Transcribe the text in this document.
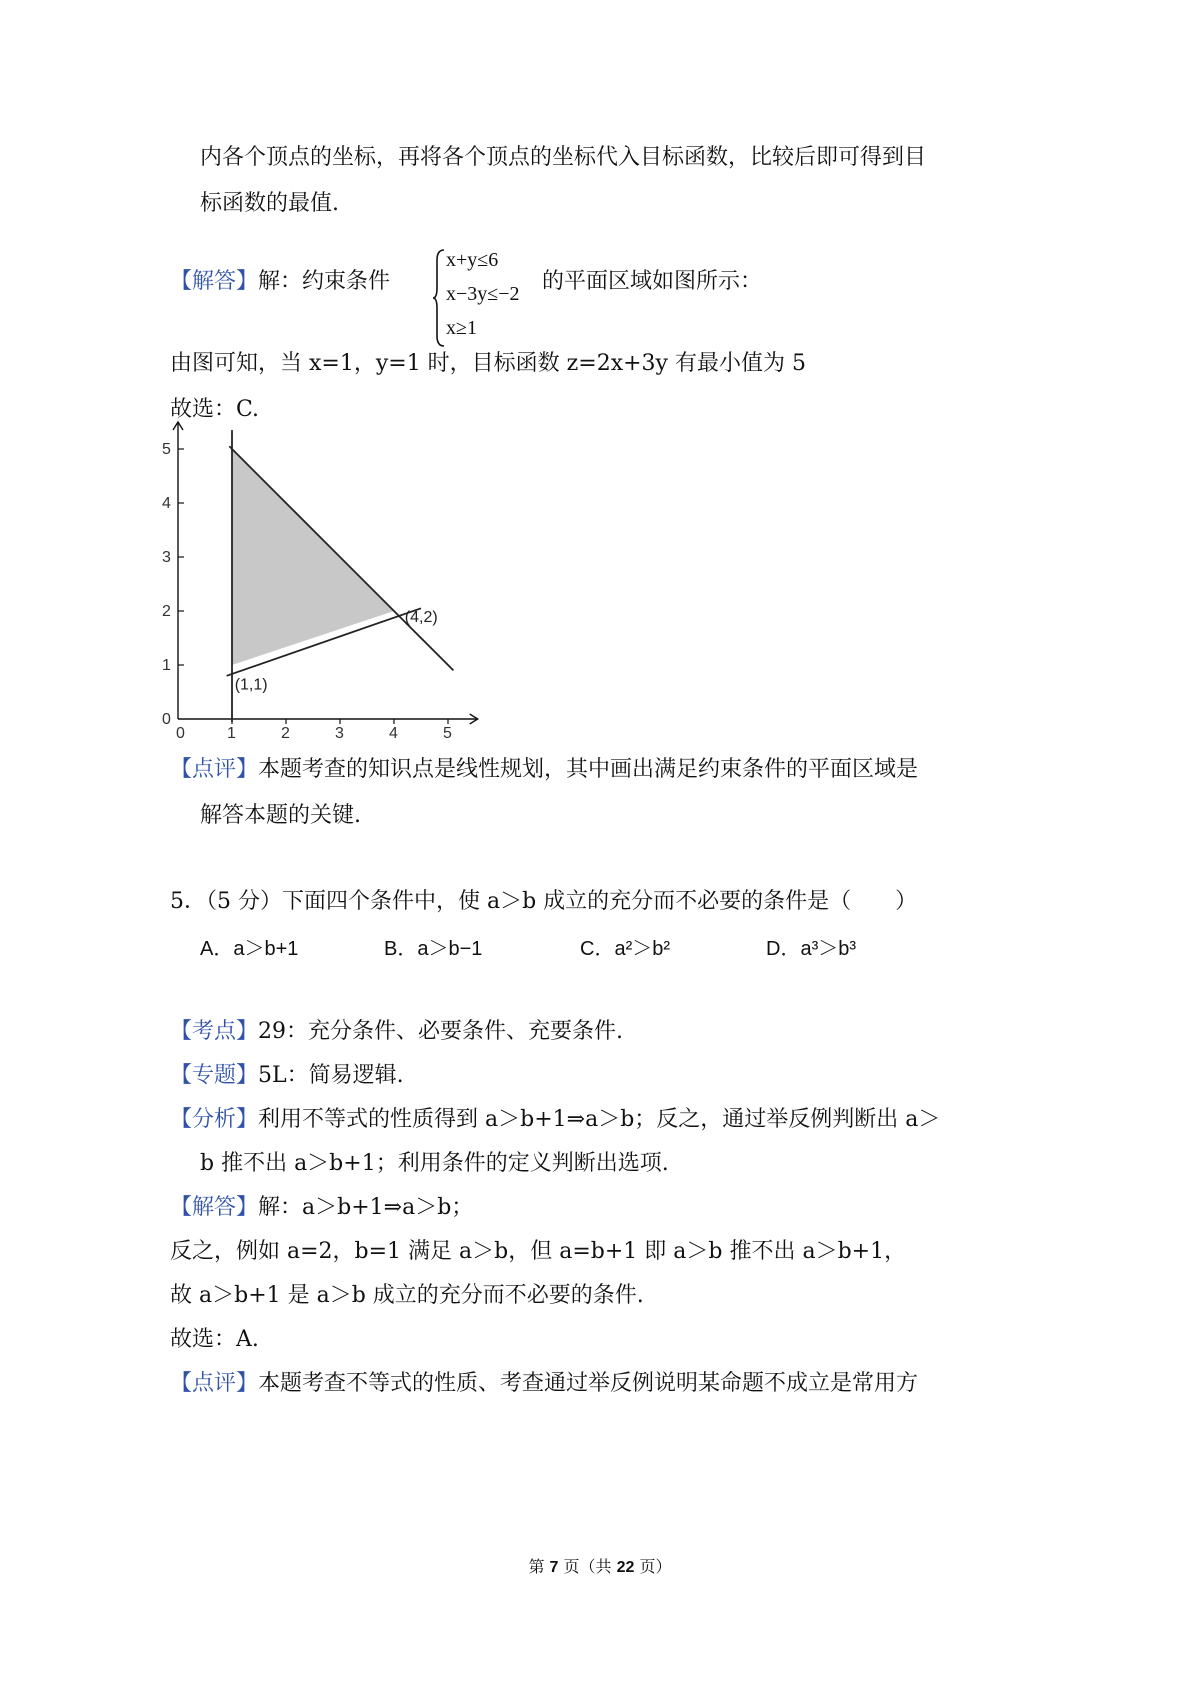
内各个顶点的坐标，再将各个顶点的坐标代入目标函数，比较后即可得到目
标函数的最值.
【解答】解：约束条件
x+y≤6
x−3y≤−2
x≥1
的平面区域如图所示：
由图可知，当 x=1，y=1 时，目标函数 z=2x+3y 有最小值为 5
故选：C.
0	1	2	3	4	5
0
1
2
3
4
5
(1,1)
(4,2)
【点评】本题考查的知识点是线性规划，其中画出满足约束条件的平面区域是
解答本题的关键.
5．（5 分）下面四个条件中，使 a＞b 成立的充分而不必要的条件是（　　）
A．a＞b+1	B．a＞b−1	C．a²＞b²	D．a³＞b³
【考点】29：充分条件、必要条件、充要条件.
【专题】5L：简易逻辑.
【分析】利用不等式的性质得到 a＞b+1⇒a＞b；反之，通过举反例判断出 a＞
b 推不出 a＞b+1；利用条件的定义判断出选项.
【解答】解：a＞b+1⇒a＞b；
反之，例如 a=2，b=1 满足 a＞b，但 a=b+1 即 a＞b 推不出 a＞b+1，
故 a＞b+1 是 a＞b 成立的充分而不必要的条件.
故选：A.
【点评】本题考查不等式的性质、考查通过举反例说明某命题不成立是常用方
第 7 页（共 22 页）
